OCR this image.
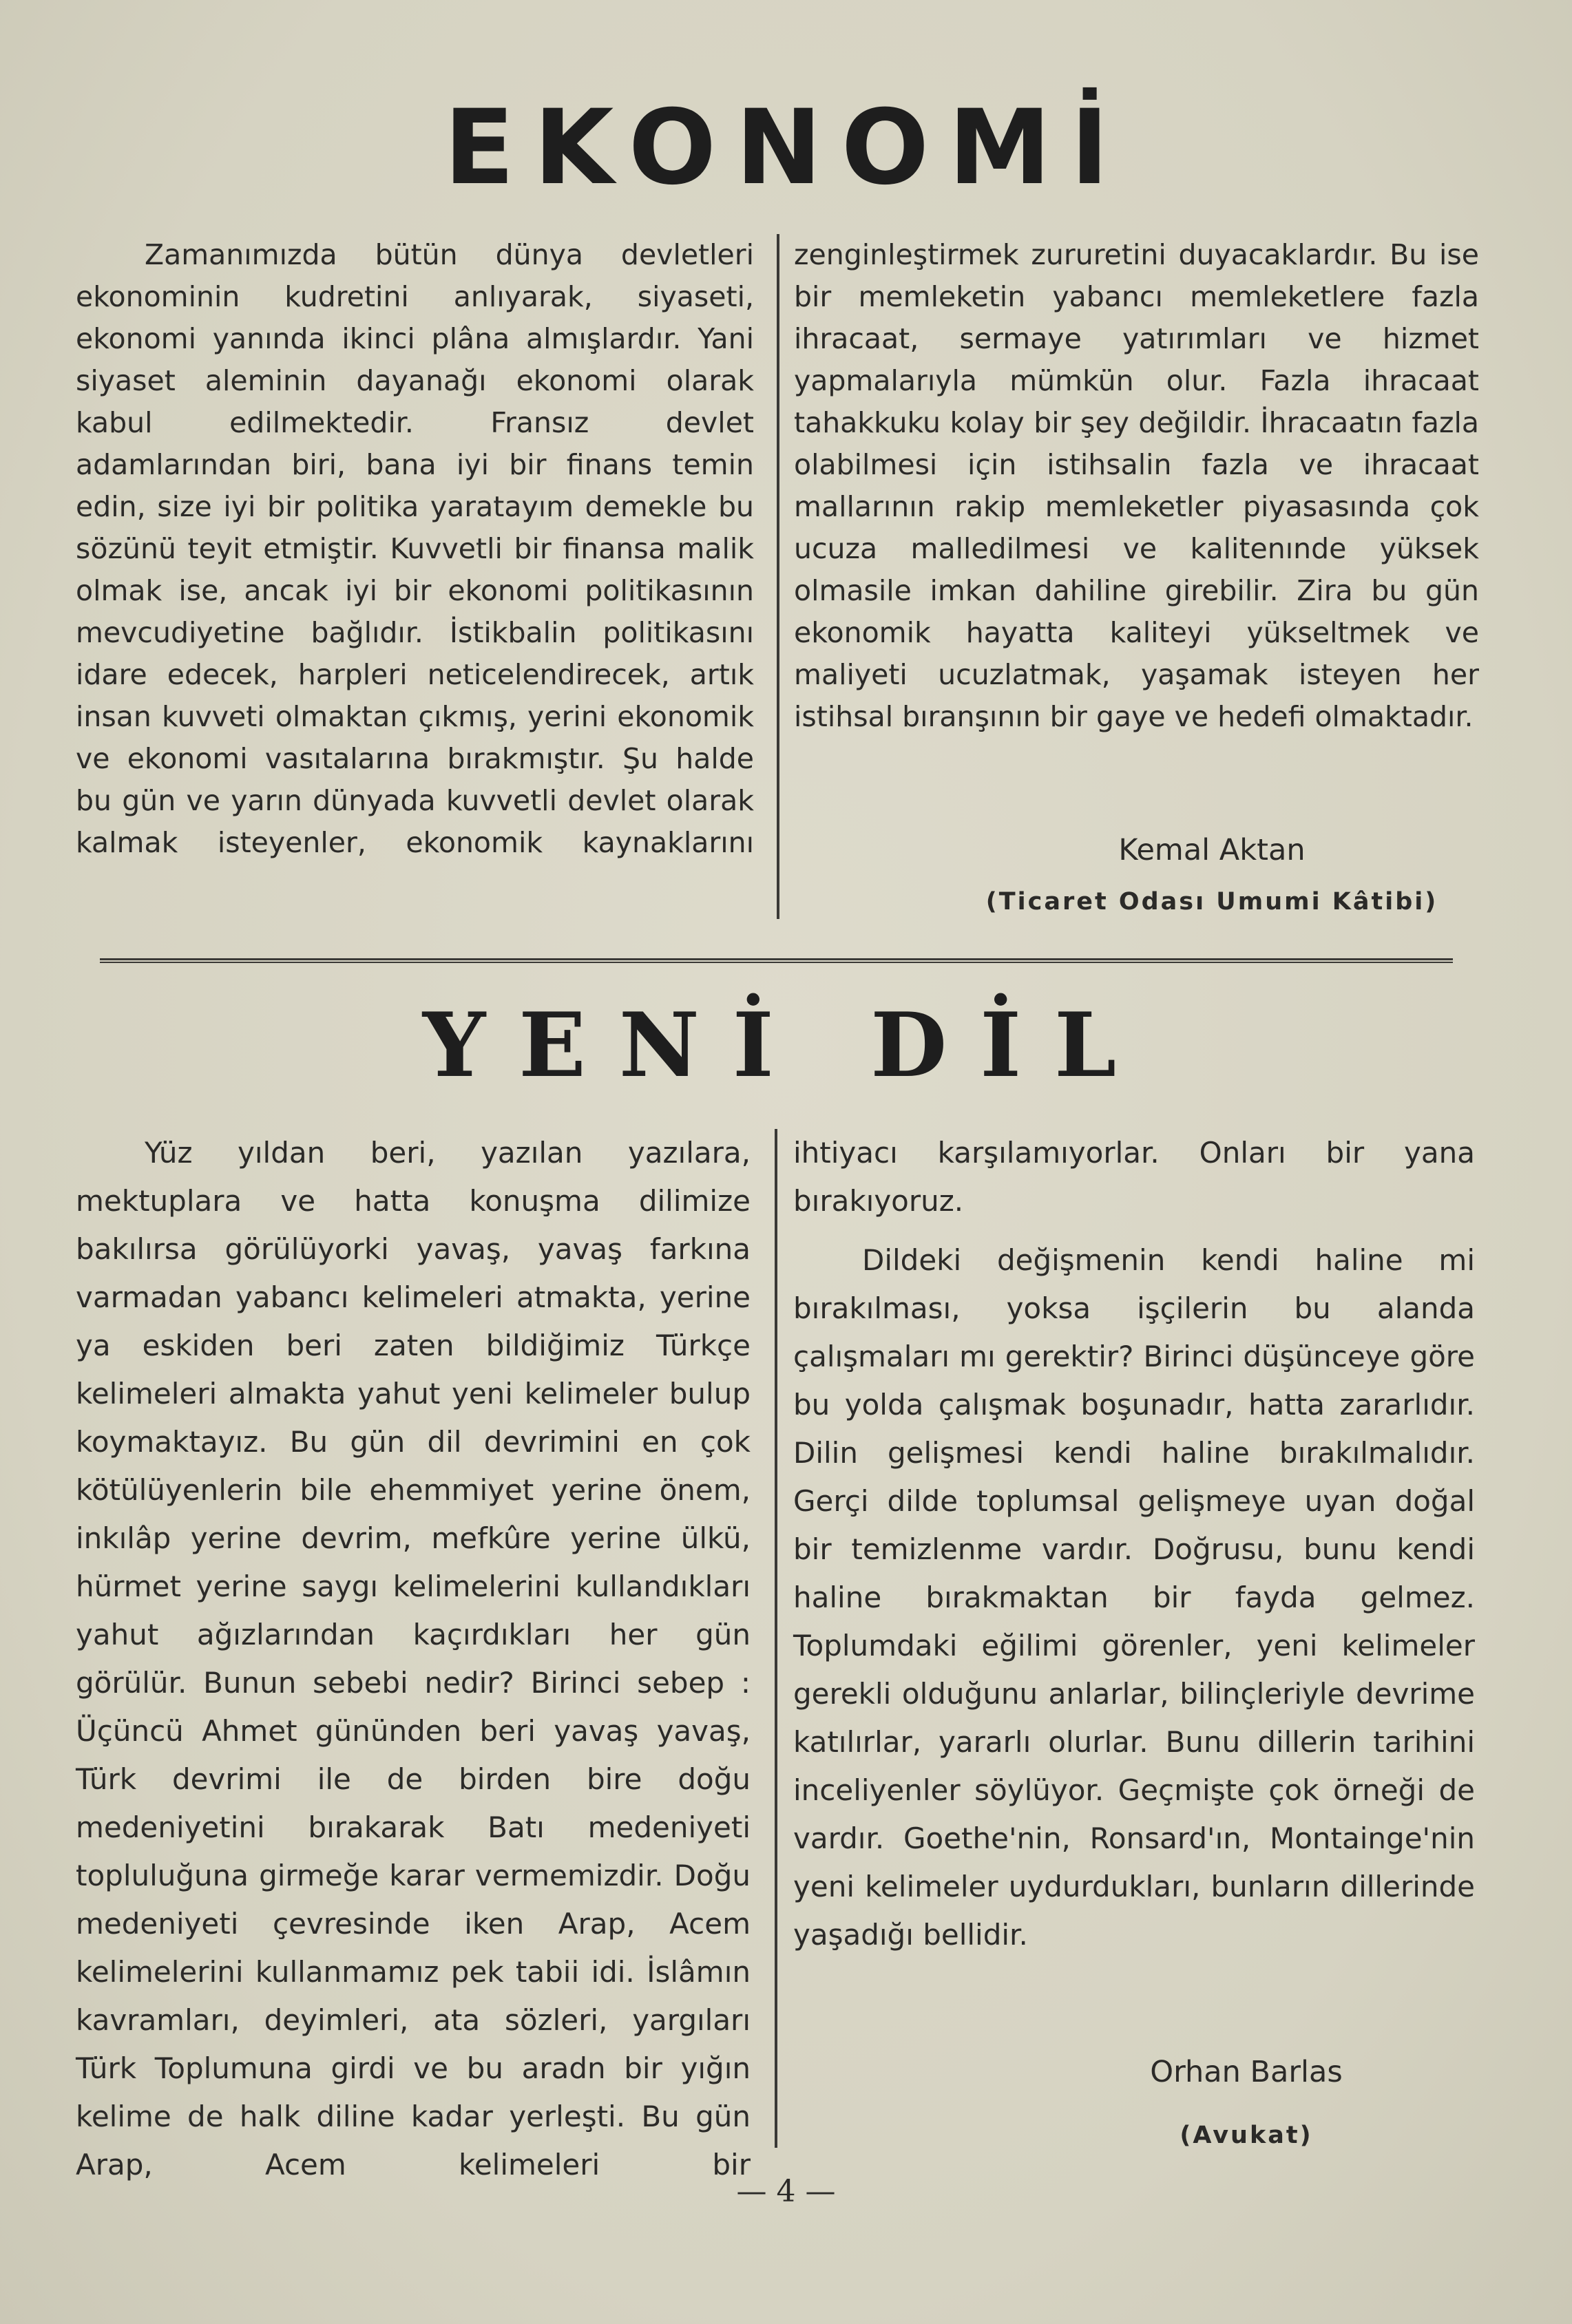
EKONOMİ

Zamanımızda bütün dünya devletleri ekonominin kudretini anlıyarak, siyaseti, ekonomi yanında ikinci plâna almışlardır. Yani siyaset aleminin dayanağı ekonomi olarak kabul edilmektedir. Fransız devlet adamlarından biri, bana iyi bir finans temin edin, size iyi bir politika yaratayım demekle bu sözünü teyit etmiştir. Kuvvetli bir finansa malik olmak ise, ancak iyi bir ekonomi politikasının mevcudiyetine bağlıdır. İstikbalin politikasını idare edecek, harpleri neticelendirecek, artık insan kuvveti olmaktan çıkmış, yerini ekonomik ve ekonomi vasıtalarına bırakmıştır. Şu halde bu gün ve yarın dünyada kuvvetli devlet olarak kalmak isteyenler, ekonomik kaynaklarını

zenginleştirmek zururetini duyacaklardır. Bu ise bir memleketin yabancı memleketlere fazla ihracaat, sermaye yatırımları ve hizmet yapmalarıyla mümkün olur. Fazla ihracaat tahakkuku kolay bir şey değildir. İhracaatın fazla olabilmesi için istihsalin fazla ve ihracaat mallarının rakip memleketler piyasasında çok ucuza malledilmesi ve kalitenınde yüksek olmasile imkan dahiline girebilir. Zira bu gün ekonomik hayatta kaliteyi yükseltmek ve maliyeti ucuzlatmak, yaşamak isteyen her istihsal bıranşının bir gaye ve hedefi olmaktadır.

Kemal Aktan
(Ticaret Odası Umumi Kâtibi)
YENİ DİL

Yüz yıldan beri, yazılan yazılara, mektuplara ve hatta konuşma dilimize bakılırsa görülüyorki yavaş, yavaş farkına varmadan yabancı kelimeleri atmakta, yerine ya eskiden beri zaten bildiğimiz Türkçe kelimeleri almakta yahut yeni kelimeler bulup koymaktayız. Bu gün dil devrimini en çok kötülüyenlerin bile ehemmiyet yerine önem, inkılâp yerine devrim, mefkûre yerine ülkü, hürmet yerine saygı kelimelerini kullandıkları yahut ağızlarından kaçırdıkları her gün görülür. Bunun sebebi nedir? Birinci sebep : Üçüncü Ahmet gününden beri yavaş yavaş, Türk devrimi ile de birden bire doğu medeniyetini bırakarak Batı medeniyeti topluluğuna girmeğe karar vermemizdir. Doğu medeniyeti çevresinde iken Arap, Acem kelimelerini kullanmamız pek tabii idi. İslâmın kavramları, deyimleri, ata sözleri, yargıları Türk Toplumuna girdi ve bu aradn bir yığın kelime de halk diline kadar yerleşti. Bu gün Arap, Acem kelimeleri bir

ihtiyacı karşılamıyorlar. Onları bir yana bırakıyoruz.

Dildeki değişmenin kendi haline mi bırakılması, yoksa işçilerin bu alanda çalışmaları mı gerektir? Birinci düşünceye göre bu yolda çalışmak boşunadır, hatta zararlıdır. Dilin gelişmesi kendi haline bırakılmalıdır. Gerçi dilde toplumsal gelişmeye uyan doğal bir temizlenme vardır. Doğrusu, bunu kendi haline bırakmaktan bir fayda gelmez. Toplumdaki eğilimi görenler, yeni kelimeler gerekli olduğunu anlarlar, bilinçleriyle devrime katılırlar, yararlı olurlar. Bunu dillerin tarihini inceliyenler söylüyor. Geçmişte çok örneği de vardır. Goethe'nin, Ronsard'ın, Montainge'nin yeni kelimeler uydurdukları, bunların dillerinde yaşadığı bellidir.

Orhan Barlas
(Avukat)
— 4 —
